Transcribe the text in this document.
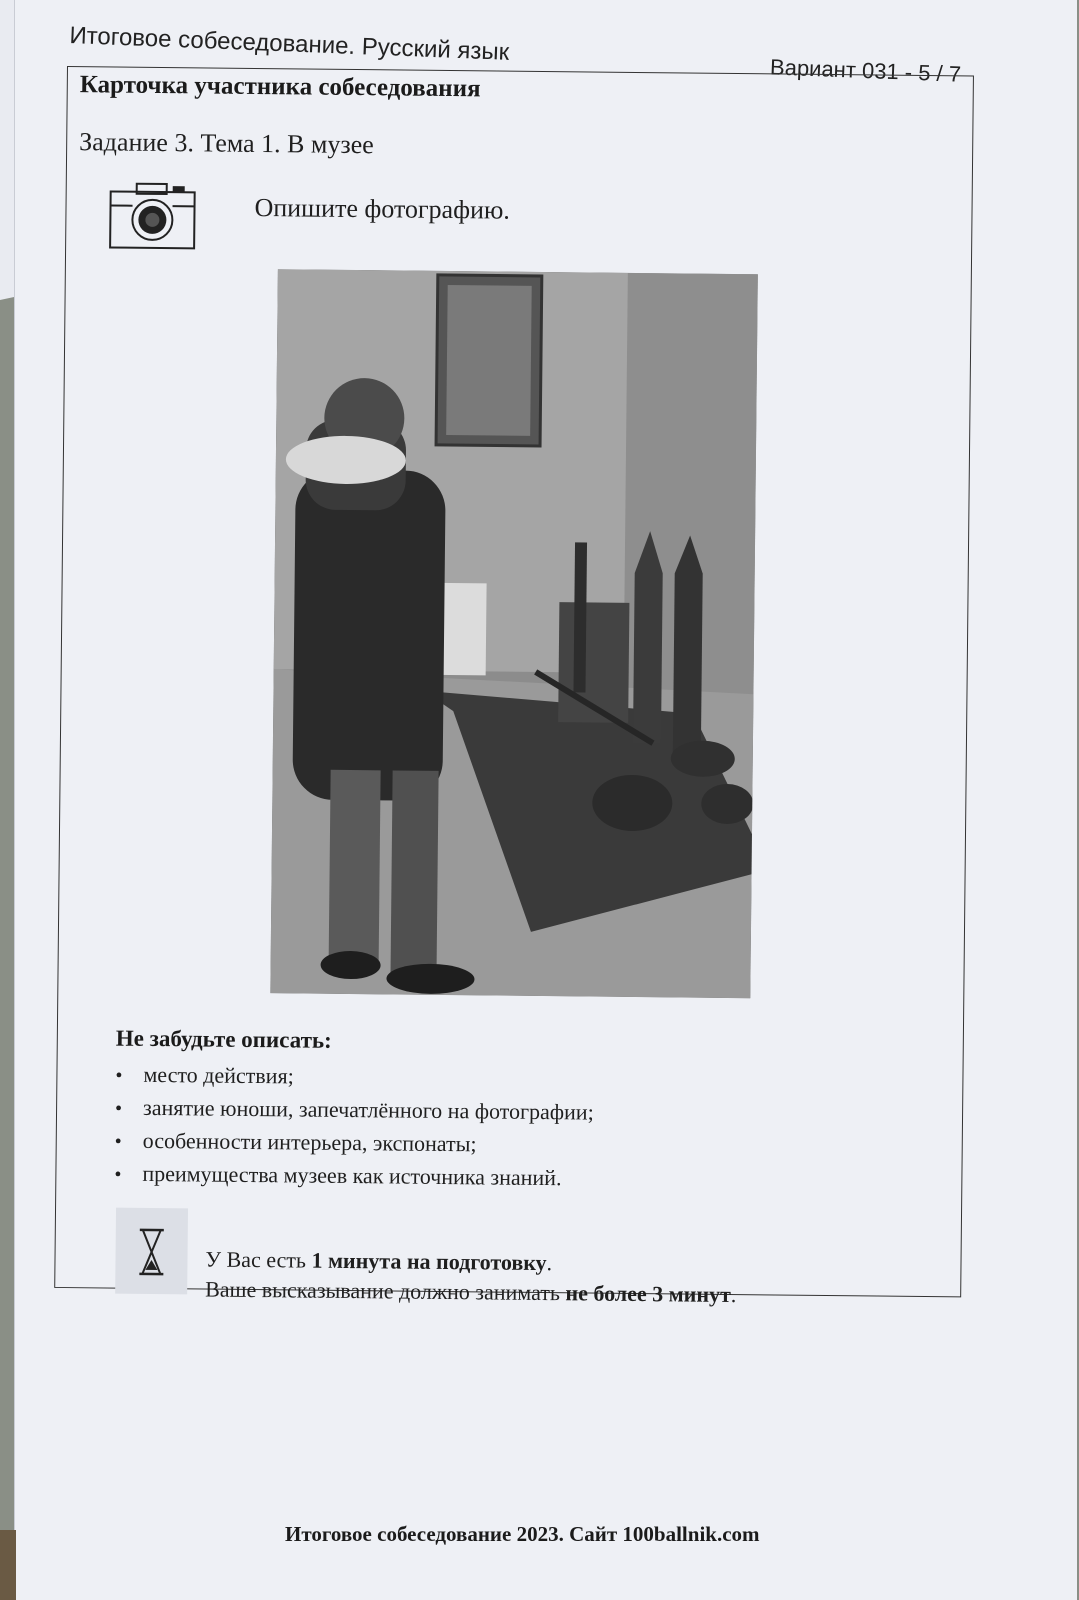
Итоговое собеседование. Русский язык
Вариант 031 - 5 / 7
Карточка участника собеседования
Задание 3. Тема 1. В музее
Опишите фотографию.
Не забудьте описать:
• место действия;
• занятие юноши, запечатлённого на фотографии;
• особенности интерьера, экспонаты;
• преимущества музеев как источника знаний.
У Вас есть 1 минута на подготовку.
Ваше высказывание должно занимать не более 3 минут.
Итоговое собеседование 2023. Сайт 100ballnik.com
